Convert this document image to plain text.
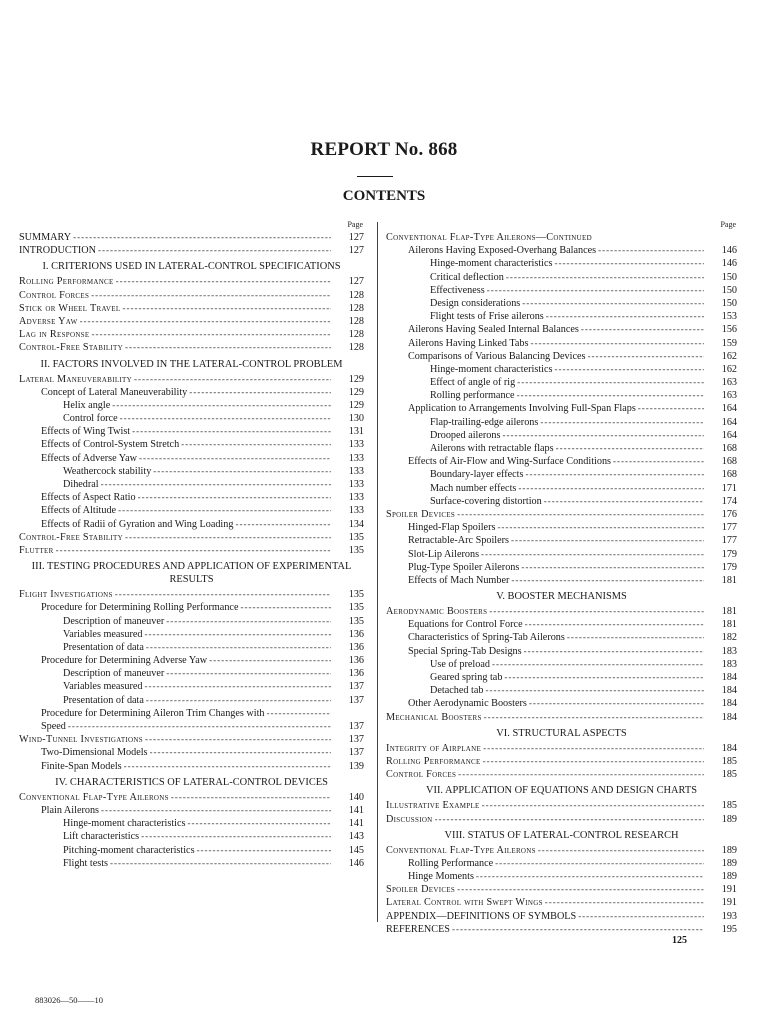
REPORT No. 868
CONTENTS
Page
SUMMARY -----	127
INTRODUCTION -----	127
I. CRITERIONS USED IN LATERAL-CONTROL SPECIFICATIONS
Rolling Performance -----	127
Control Forces -----	128
Stick or Wheel Travel -----	128
Adverse Yaw -----	128
Lag in Response -----	128
Control-Free Stability -----	128
II. FACTORS INVOLVED IN THE LATERAL-CONTROL PROBLEM
Lateral Maneuverability -----	129
Concept of Lateral Maneuverability -----	129
Helix angle -----	129
Control force -----	130
Effects of Wing Twist -----	131
Effects of Control-System Stretch -----	133
Effects of Adverse Yaw -----	133
Weathercock stability -----	133
Dihedral -----	133
Effects of Aspect Ratio -----	133
Effects of Altitude -----	133
Effects of Radii of Gyration and Wing Loading -----	134
Control-Free Stability -----	135
Flutter -----	135
III. TESTING PROCEDURES AND APPLICATION OF EXPERIMENTAL RESULTS
Flight Investigations -----	135
Procedure for Determining Rolling Performance -----	135
Description of maneuver -----	135
Variables measured -----	136
Presentation of data -----	136
Procedure for Determining Adverse Yaw -----	136
Description of maneuver -----	136
Variables measured -----	137
Presentation of data -----	137
Procedure for Determining Aileron Trim Changes with
-----
Speed -----	137
Wind-Tunnel Investigations -----	137
Two-Dimensional Models -----	137
Finite-Span Models -----	139
IV. CHARACTERISTICS OF LATERAL-CONTROL DEVICES
Conventional Flap-Type Ailerons -----	140
Plain Ailerons -----	141
Hinge-moment characteristics -----	141
Lift characteristics -----	143
Pitching-moment characteristics -----	145
Flight tests -----	146
Page
Conventional Flap-Type Ailerons—Continued
Ailerons Having Exposed-Overhang Balances -----	146
Hinge-moment characteristics -----	146
Critical deflection -----	150
Effectiveness -----	150
Design considerations -----	150
Flight tests of Frise ailerons -----	153
Ailerons Having Sealed Internal Balances -----	156
Ailerons Having Linked Tabs -----	159
Comparisons of Various Balancing Devices -----	162
Hinge-moment characteristics -----	162
Effect of angle of rig -----	163
Rolling performance -----	163
Application to Arrangements Involving Full-Span Flaps -----	164
Flap-trailing-edge ailerons -----	164
Drooped ailerons -----	164
Ailerons with retractable flaps -----	168
Effects of Air-Flow and Wing-Surface Conditions -----	168
Boundary-layer effects -----	168
Mach number effects -----	171
Surface-covering distortion -----	174
Spoiler Devices -----	176
Hinged-Flap Spoilers -----	177
Retractable-Arc Spoilers -----	177
Slot-Lip Ailerons -----	179
Plug-Type Spoiler Ailerons -----	179
Effects of Mach Number -----	181
V. BOOSTER MECHANISMS
Aerodynamic Boosters -----	181
Equations for Control Force -----	181
Characteristics of Spring-Tab Ailerons -----	182
Special Spring-Tab Designs -----	183
Use of preload -----	183
Geared spring tab -----	184
Detached tab -----	184
Other Aerodynamic Boosters -----	184
Mechanical Boosters -----	184
VI. STRUCTURAL ASPECTS
Integrity of Airplane -----	184
Rolling Performance -----	185
Control Forces -----	185
VII. APPLICATION OF EQUATIONS AND DESIGN CHARTS
Illustrative Example -----	185
Discussion -----	189
VIII. STATUS OF LATERAL-CONTROL RESEARCH
Conventional Flap-Type Ailerons -----	189
Rolling Performance -----	189
Hinge Moments -----	189
Spoiler Devices -----	191
Lateral Control with Swept Wings -----	191
APPENDIX—DEFINITIONS OF SYMBOLS -----	193
REFERENCES -----	195
125
883026—50——10
